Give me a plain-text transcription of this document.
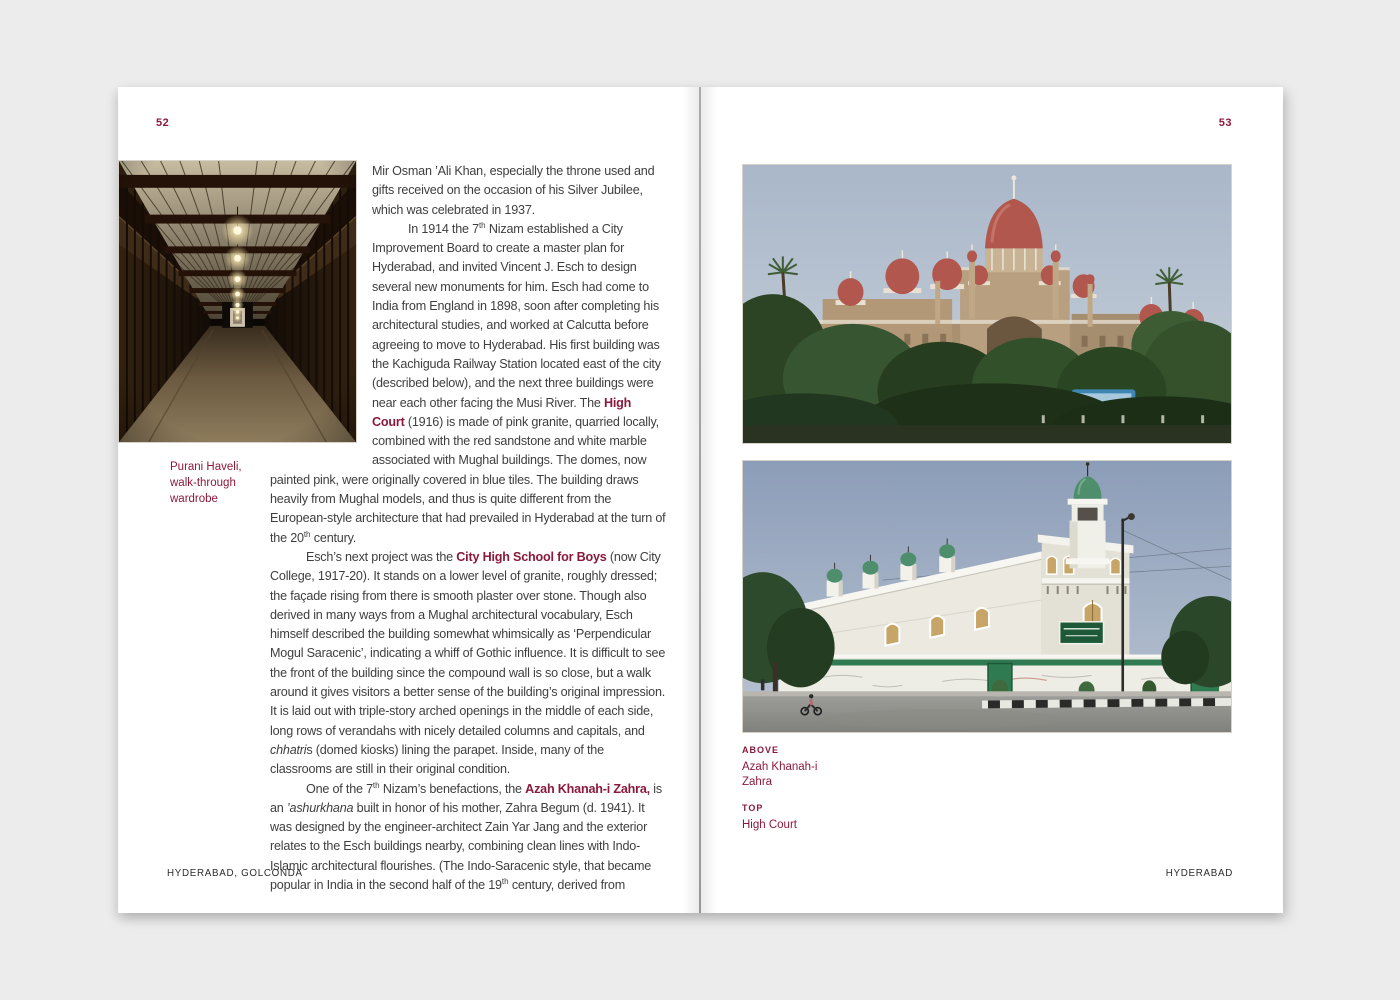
52
Purani Haveli,
walk-through
wardrobe

Mir Osman ’Ali Khan, especially the throne used and gifts received on the occasion of his Silver Jubilee, which was celebrated in 1937.

In 1914 the 7th Nizam established a City Improvement Board to create a master plan for Hyderabad, and invited Vincent J. Esch to design several new monuments for him. Esch had come to India from England in 1898, soon after completing his architectural studies, and worked at Calcutta before agreeing to move to Hyderabad. His first building was the Kachiguda Railway Station located east of the city (described below), and the next three buildings were near each other facing the Musi River. The High Court (1916) is made of pink granite, quarried locally, combined with the red sandstone and white marble associated with Mughal buildings. The domes, now painted pink, were originally covered in blue tiles. The building draws heavily from Mughal models, and thus is quite different from the European-style architecture that had prevailed in Hyderabad at the turn of the 20th century.

Esch’s next project was the City High School for Boys (now City College, 1917-20). It stands on a lower level of granite, roughly dressed; the façade rising from there is smooth plaster over stone. Though also derived in many ways from a Mughal architectural vocabulary, Esch himself described the building somewhat whimsically as ‘Perpendicular Mogul Saracenic’, indicating a whiff of Gothic influence. It is difficult to see the front of the building since the compound wall is so close, but a walk around it gives visitors a better sense of the building’s original impression. It is laid out with triple-story arched openings in the middle of each side, long rows of verandahs with nicely detailed columns and capitals, and chhatris (domed kiosks) lining the parapet. Inside, many of the classrooms are still in their original condition.

One of the 7th Nizam’s benefactions, the Azah Khanah-i Zahra, is an ’ashurkhana built in honor of his mother, Zahra Begum (d. 1941). It was designed by the engineer-architect Zain Yar Jang and the exterior relates to the Esch buildings nearby, combining clean lines with Indo-Islamic architectural flourishes. (The Indo-Saracenic style, that became popular in India in the second half of the 19th century, derived from

HYDERABAD, GOLCONDA
53
ABOVE
Azah Khanah-i
Zahra
TOP
High Court
HYDERABAD
